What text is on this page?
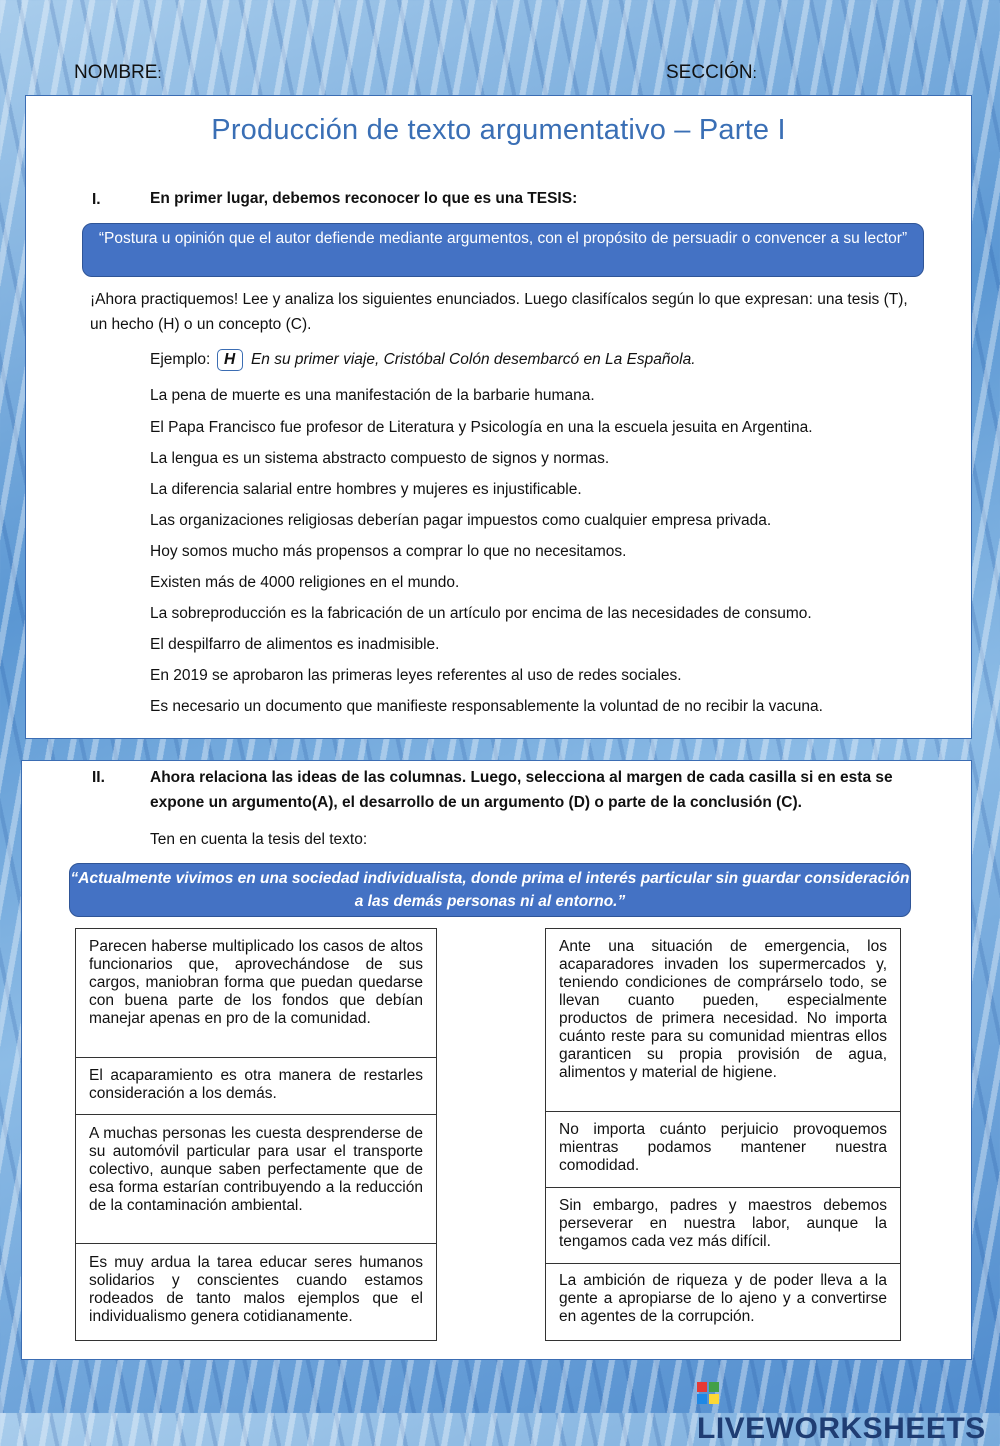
NOMBRE:	SECCIÓN:
Producción de texto argumentativo – Parte I
I.	En primer lugar, debemos reconocer lo que es una TESIS:
“Postura u opinión que el autor defiende mediante argumentos, con el propósito de persuadir o convencer a su lector”
¡Ahora practiquemos! Lee y analiza los siguientes enunciados. Luego clasifícalos según lo que expresan: una tesis (T), un hecho (H) o un concepto (C).
Ejemplo: H En su primer viaje, Cristóbal Colón desembarcó en La Española.
La pena de muerte es una manifestación de la barbarie humana.
El Papa Francisco fue profesor de Literatura y Psicología en una la escuela jesuita en Argentina.
La lengua es un sistema abstracto compuesto de signos y normas.
La diferencia salarial entre hombres y mujeres es injustificable.
Las organizaciones religiosas deberían pagar impuestos como cualquier empresa privada.
Hoy somos mucho más propensos a comprar lo que no necesitamos.
Existen más de 4000 religiones en el mundo.
La sobreproducción es la fabricación de un artículo por encima de las necesidades de consumo.
El despilfarro de alimentos es inadmisible.
En 2019 se aprobaron las primeras leyes referentes al uso de redes sociales.
Es necesario un documento que manifieste responsablemente la voluntad de no recibir la vacuna.
II.	Ahora relaciona las ideas de las columnas. Luego, selecciona al margen de cada casilla si en esta se expone un argumento(A), el desarrollo de un argumento (D) o parte de la conclusión (C).
Ten en cuenta la tesis del texto:
“Actualmente vivimos en una sociedad individualista, donde prima el interés particular sin guardar consideración a las demás personas ni al entorno.”
Parecen haberse multiplicado los casos de altos funcionarios que, aprovechándose de sus cargos, maniobran forma que puedan quedarse con buena parte de los fondos que debían manejar apenas en pro de la comunidad.
El acaparamiento es otra manera de restarles consideración a los demás.
A muchas personas les cuesta desprenderse de su automóvil particular para usar el transporte colectivo, aunque saben perfectamente que de esa forma estarían contribuyendo a la reducción de la contaminación ambiental.
Es muy ardua la tarea educar seres humanos solidarios y conscientes cuando estamos rodeados de tanto malos ejemplos que el individualismo genera cotidianamente.
Ante una situación de emergencia, los acaparadores invaden los supermercados y, teniendo condiciones de comprárselo todo, se llevan cuanto pueden, especialmente productos de primera necesidad. No importa cuánto reste para su comunidad mientras ellos garanticen su propia provisión de agua, alimentos y material de higiene.
No importa cuánto perjuicio provoquemos mientras podamos mantener nuestra comodidad.
Sin embargo, padres y maestros debemos perseverar en nuestra labor, aunque la tengamos cada vez más difícil.
La ambición de riqueza y de poder lleva a la gente a apropiarse de lo ajeno y a convertirse en agentes de la corrupción.
LIVEWORKSHEETS
